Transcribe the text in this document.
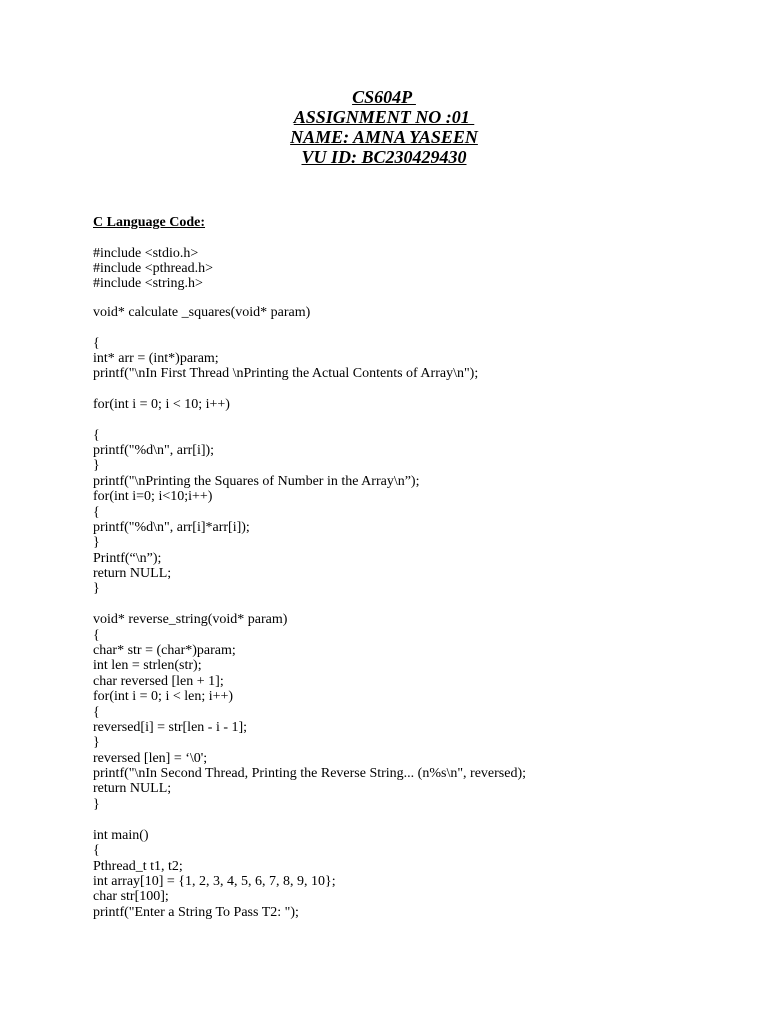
CS604P
ASSIGNMENT NO :01
NAME: AMNA YASEEN
VU ID: BC230429430
C Language Code:
#include <stdio.h>
#include <pthread.h>
#include <string.h>
void* calculate _squares(void* param)
{
int* arr = (int*)param;
printf("\nIn First Thread \nPrinting the Actual Contents of Array\n");
for(int i = 0; i < 10; i++)
{
printf("%d\n", arr[i]);
}
printf("\nPrinting the Squares of Number in the Array\n”);
for(int i=0; i<10;i++)
{
printf("%d\n", arr[i]*arr[i]);
}
Printf(“\n”);
return NULL;
}
void* reverse_string(void* param)
{
char* str = (char*)param;
int len = strlen(str);
char reversed [len + 1];
for(int i = 0; i < len; i++)
{
reversed[i] = str[len - i - 1];
}
reversed [len] = ‘\0';
printf("\nIn Second Thread, Printing the Reverse String... (n%s\n", reversed);
return NULL;
}
int main()
{
Pthread_t t1, t2;
int array[10] = {1, 2, 3, 4, 5, 6, 7, 8, 9, 10};
char str[100];
printf("Enter a String To Pass T2: ");
